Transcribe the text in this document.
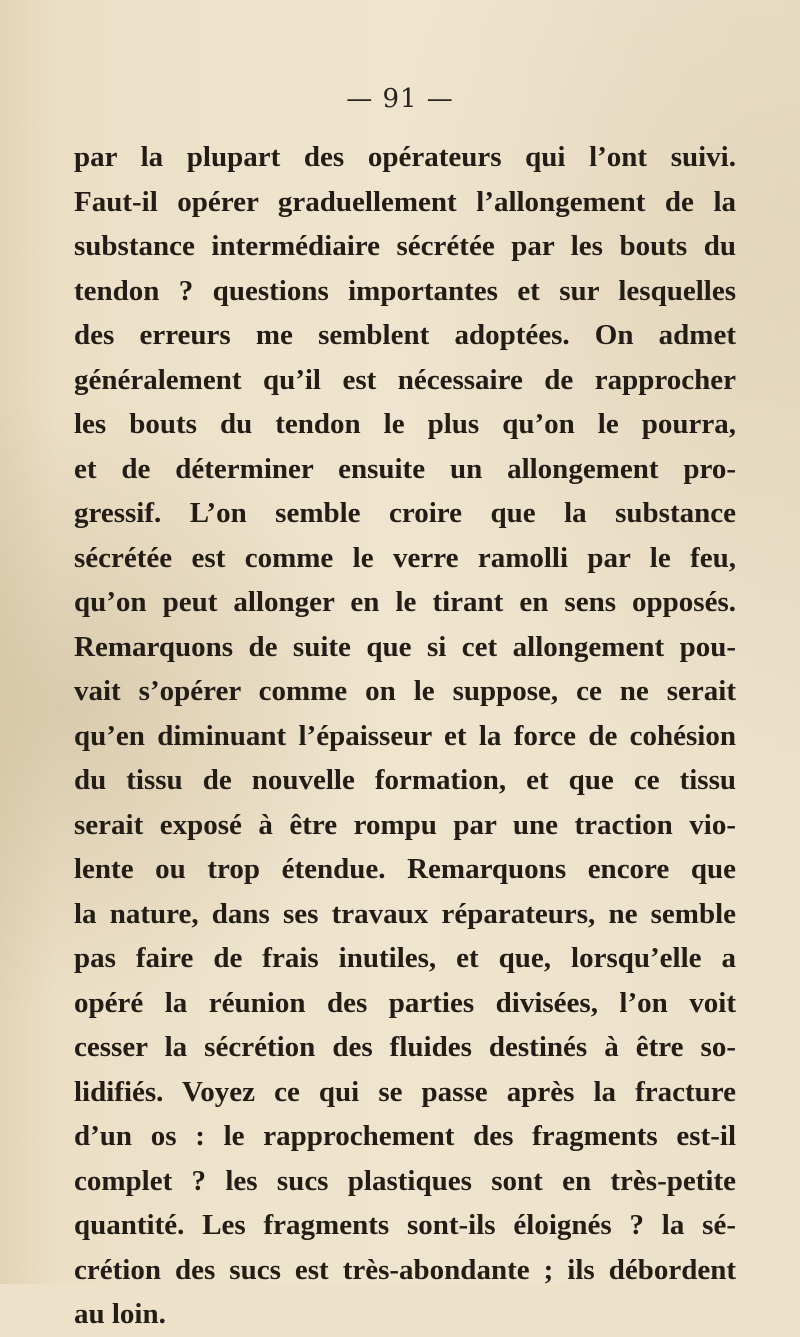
— 91 —
par la plupart des opérateurs qui l’ont suivi.
Faut-il opérer graduellement l’allongement de la
substance intermédiaire sécrétée par les bouts du
tendon ? questions importantes et sur lesquelles
des erreurs me semblent adoptées. On admet
généralement qu’il est nécessaire de rapprocher
les bouts du tendon le plus qu’on le pourra,
et de déterminer ensuite un allongement pro-
gressif. L’on semble croire que la substance
sécrétée est comme le verre ramolli par le feu,
qu’on peut allonger en le tirant en sens opposés.
Remarquons de suite que si cet allongement pou-
vait s’opérer comme on le suppose, ce ne serait
qu’en diminuant l’épaisseur et la force de cohésion
du tissu de nouvelle formation, et que ce tissu
serait exposé à être rompu par une traction vio-
lente ou trop étendue. Remarquons encore que
la nature, dans ses travaux réparateurs, ne semble
pas faire de frais inutiles, et que, lorsqu’elle a
opéré la réunion des parties divisées, l’on voit
cesser la sécrétion des fluides destinés à être so-
lidifiés. Voyez ce qui se passe après la fracture
d’un os : le rapprochement des fragments est-il
complet ? les sucs plastiques sont en très-petite
quantité. Les fragments sont-ils éloignés ? la sé-
crétion des sucs est très-abondante ; ils débordent
au loin.
